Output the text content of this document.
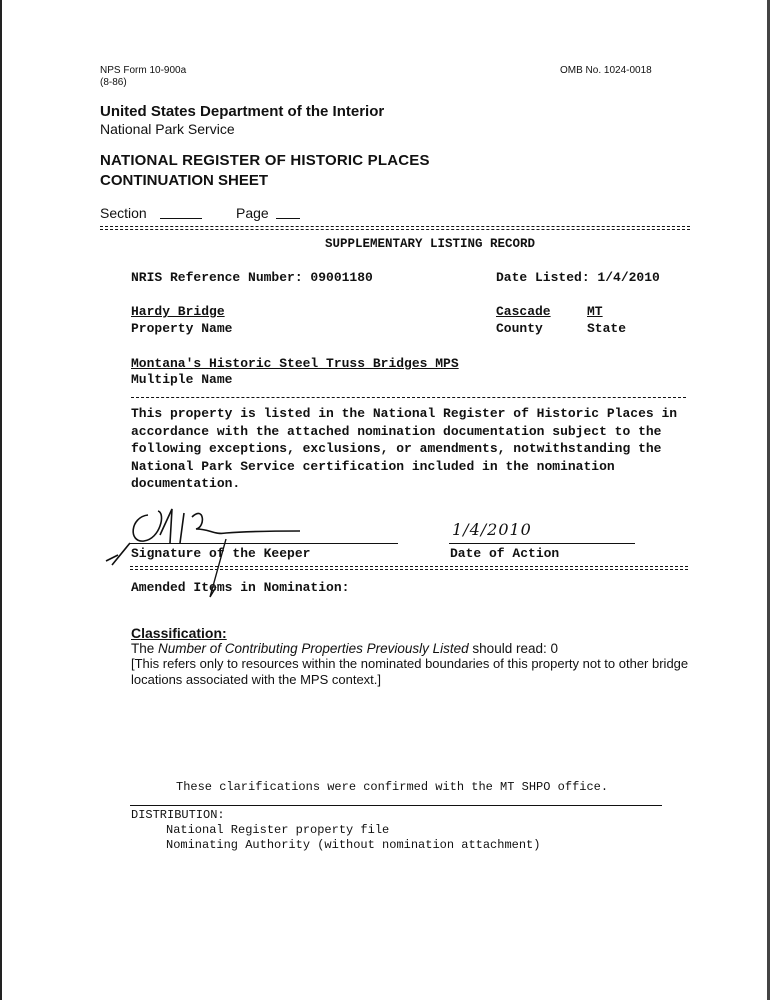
NPS Form 10-900a
(8-86)
OMB No. 1024-0018
United States Department of the Interior
National Park Service
NATIONAL REGISTER OF HISTORIC PLACES
CONTINUATION SHEET
Section	Page
SUPPLEMENTARY LISTING RECORD
NRIS Reference Number: 09001180	Date Listed: 1/4/2010
Hardy Bridge
Property Name
Cascade
County
MT
State
Montana's Historic Steel Truss Bridges MPS
Multiple Name
This property is listed in the National Register of Historic Places in accordance with the attached nomination documentation subject to the following exceptions, exclusions, or amendments, notwithstanding the National Park Service certification included in the nomination documentation.
Signature of the Keeper
1/4/2010
Date of Action
Amended Items in Nomination:
Classification:
The Number of Contributing Properties Previously Listed should read: 0
[This refers only to resources within the nominated boundaries of this property not to other bridge locations associated with the MPS context.]
These clarifications were confirmed with the MT SHPO office.
DISTRIBUTION:
National Register property file
Nominating Authority (without nomination attachment)
